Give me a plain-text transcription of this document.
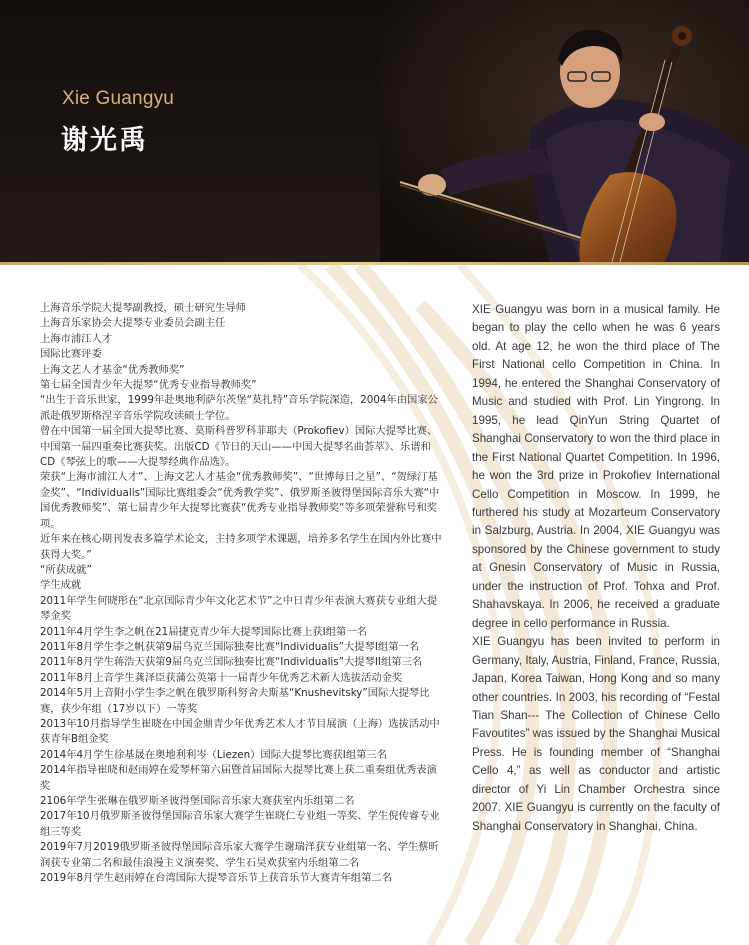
Xie Guangyu
谢光禹

上海音乐学院大提琴副教授，硕士研究生导师

上海音乐家协会大提琴专业委员会副主任

上海市浦江人才

国际比赛评委

上海文艺人才基金“优秀教师奖”

第七届全国青少年大提琴“优秀专业指导教师奖”

“出生于音乐世家，1999年赴奥地利萨尔茨堡“莫扎特”音乐学院深造，2004年由国家公派赴俄罗斯格涅辛音乐学院攻读硕士学位。

曾在中国第一届全国大提琴比赛、莫斯科普罗科菲耶夫（Prokofiev）国际大提琴比赛、中国第一届四重奏比赛获奖。出版CD《节日的天山——中国大提琴名曲荟萃》、乐谱和CD《琴弦上的歌——大提琴经典作品选》。

荣获“上海市浦江人才”、上海文艺人才基金“优秀教师奖”、“世博每日之星”、“贺绿汀基金奖”、“Individualis”国际比赛组委会“优秀教学奖”、俄罗斯圣彼得堡国际音乐大赛“中国优秀教师奖”、第七届青少年大提琴比赛获“优秀专业指导教师奖”等多项荣誉称号和奖项。

近年来在核心期刊发表多篇学术论文，主持多项学术课题，培养多名学生在国内外比赛中获得大奖。”

“所获成就”

学生成就

2011年学生何晓彤在“北京国际青少年文化艺术节”之中日青少年表演大赛获专业组大提琴金奖

2011年4月学生李之帆在21届捷克青少年大提琴国际比赛上获I组第一名

2011年8月学生李之帆获第9届乌克兰国际独奏比赛“Individualis”大提琴I组第一名

2011年8月学生蒋浩天获第9届乌克兰国际独奏比赛“Individualis”大提琴II组第三名

2011年8月上音学生龚泽臣获蒲公英第十一届青少年优秀艺术新人选拔活动金奖

2014年5月上音附小学生李之帆在俄罗斯科努舍夫斯基“Knushevitsky”国际大提琴比赛，获少年组（17岁以下）一等奖

2013年10月指导学生崔晓在中国金鼎青少年优秀艺术人才节目展演（上海）选拔活动中获青年B组金奖

2014年4月学生徐基晟在奥地利利岑（Liezen）国际大提琴比赛获I组第三名

2014年指导崔晓和赵雨婷在爱琴杯第六届暨首届国际大提琴比赛上获二重奏组优秀表演奖

2106年学生张琳在俄罗斯圣彼得堡国际音乐家大赛获室内乐组第二名

2017年10月俄罗斯圣彼得堡国际音乐家大赛学生崔晓仁专业组一等奖、学生倪传睿专业组三等奖

2019年7月2019俄罗斯圣彼得堡国际音乐家大赛学生谢瑞洋获专业组第一名、学生蔡昕润获专业第二名和最佳浪漫主义演奏奖、学生石昊欢获室内乐组第二名

2019年8月学生赵雨婷在台湾国际大提琴音乐节上获音乐节大赛青年组第二名

XIE Guangyu was born in a musical family. He began to play the cello when he was 6 years old. At age 12, he won the third place of The First National cello Competition in China. In 1994, he entered the Shanghai Conservatory of Music and studied with Prof. Lin Yingrong. In 1995, he lead QinYun String Quartet of Shanghai Conservatory to won the third place in the First National Quartet Competition. In 1996, he won the 3rd prize in Prokofiev International Cello Competition in Moscow. In 1999, he furthered his study at Mozarteum Conservatory in Salzburg, Austria. In 2004, XIE Guangyu was sponsored by the Chinese government to study at Gnesin Conservatory of Music in Russia, under the instruction of Prof. Tohxa and Prof. Shahavskaya. In 2006, he received a graduate degree in cello performance in Russia.

XIE Guangyu has been invited to perform in Germany, Italy, Austria, Finland, France, Russia, Japan, Korea Taiwan, Hong Kong and so many other countries. In 2003, his recording of “Festal Tian Shan--- The Collection of Chinese Cello Favoutites” was issued by the Shanghai Musical Press. He is founding member of “Shanghai Cello 4,” as well as conductor and artistic director of Yi Lin Chamber Orchestra since 2007. XIE Guangyu is currently on the faculty of Shanghai Conservatory in Shanghai, China.
